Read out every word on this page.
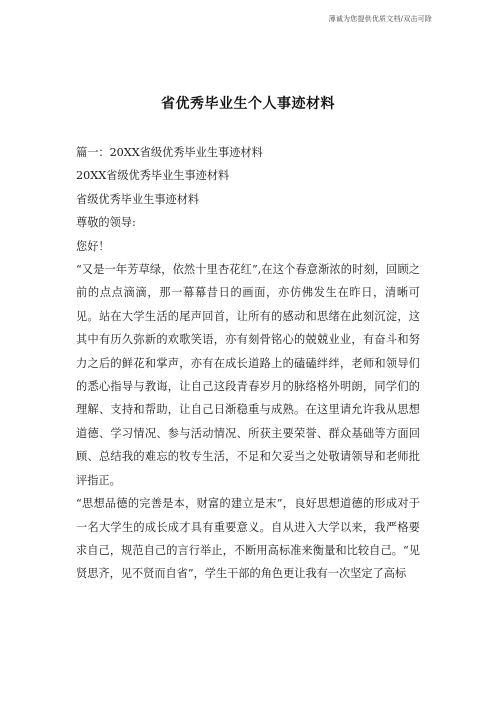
薄诚为您提供优质文档/双击可除
省优秀毕业生个人事迹材料

篇一：20XX省级优秀毕业生事迹材料

20XX省级优秀毕业生事迹材料

省级优秀毕业生事迹材料

尊敬的领导:

您好！

“又是一年芳草绿，依然十里杏花红”,在这个春意渐浓的时刻，回顾之前的点点滴滴，那一幕幕昔日的画面，亦仿佛发生在昨日，清晰可见。站在大学生活的尾声回首，让所有的感动和思绪在此刻沉淀，这其中有历久弥新的欢歌笑语，亦有刻骨铭心的兢兢业业，有奋斗和努力之后的鲜花和掌声，亦有在成长道路上的磕磕绊绊，老师和领导们的悉心指导与教诲，让自己这段青春岁月的脉络格外明朗，同学们的理解、支持和帮助，让自己日渐稳重与成熟。在这里请允许我从思想道德、学习情况、参与活动情况、所获主要荣誉、群众基础等方面回顾、总结我的难忘的牧专生活，不足和欠妥当之处敬请领导和老师批评指正。

“思想品德的完善是本，财富的建立是末”，良好思想道德的形成对于一名大学生的成长成才具有重要意义。自从进入大学以来，我严格要求自己，规范自己的言行举止，不断用高标准来衡量和比较自己。“见贤思齐，见不贤而自省”，学生干部的角色更让我有一次坚定了高标
